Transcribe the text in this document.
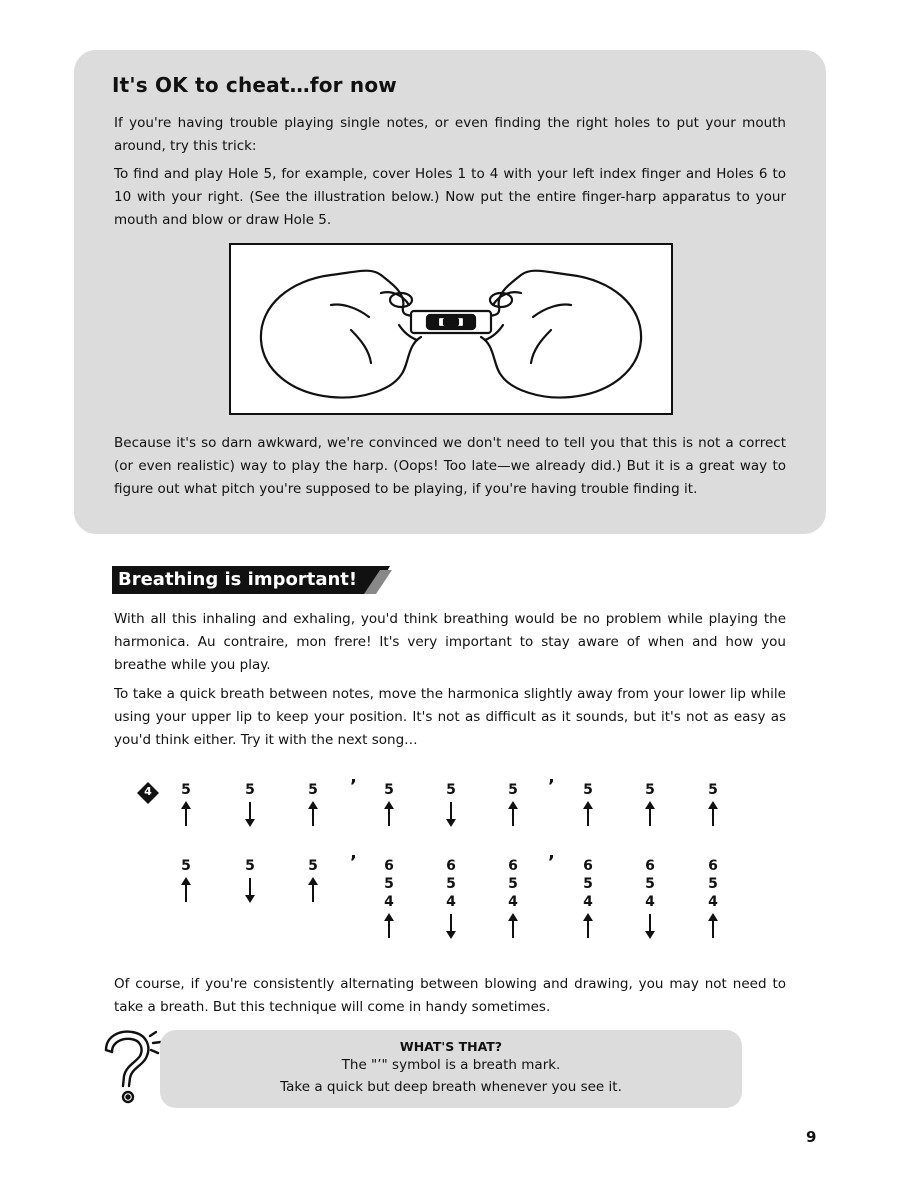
It's OK to cheat…for now

If you're having trouble playing single notes, or even finding the right holes to put your mouth around, try this trick:

To find and play Hole 5, for example, cover Holes 1 to 4 with your left index finger and Holes 6 to 10 with your right. (See the illustration below.) Now put the entire finger-harp apparatus to your mouth and blow or draw Hole 5.

Because it's so darn awkward, we're convinced we don't need to tell you that this is not a correct (or even realistic) way to play the harp. (Oops! Too late—we already did.) But it is a great way to figure out what pitch you're supposed to be playing, if you're having trouble finding it.

Breathing is important!

With all this inhaling and exhaling, you'd think breathing would be no problem while playing the harmonica. Au contraire, mon frere! It's very important to stay aware of when and how you breathe while you play.

To take a quick breath between notes, move the harmonica slightly away from your lower lip while using your upper lip to keep your position. It's not as difficult as it sounds, but it's not as easy as you'd think either. Try it with the next song…

4	5	5	5 ’	5	5	5 ’	5	5	5
5	5	5 ’	6
5
4
6
5
4
6
5
4
’	6
5
4
6
5
4
6
5
4

Of course, if you're consistently alternating between blowing and drawing, you may not need to take a breath. But this technique will come in handy sometimes.

WHAT'S THAT?
The "’" symbol is a breath mark.
Take a quick but deep breath whenever you see it.
9
